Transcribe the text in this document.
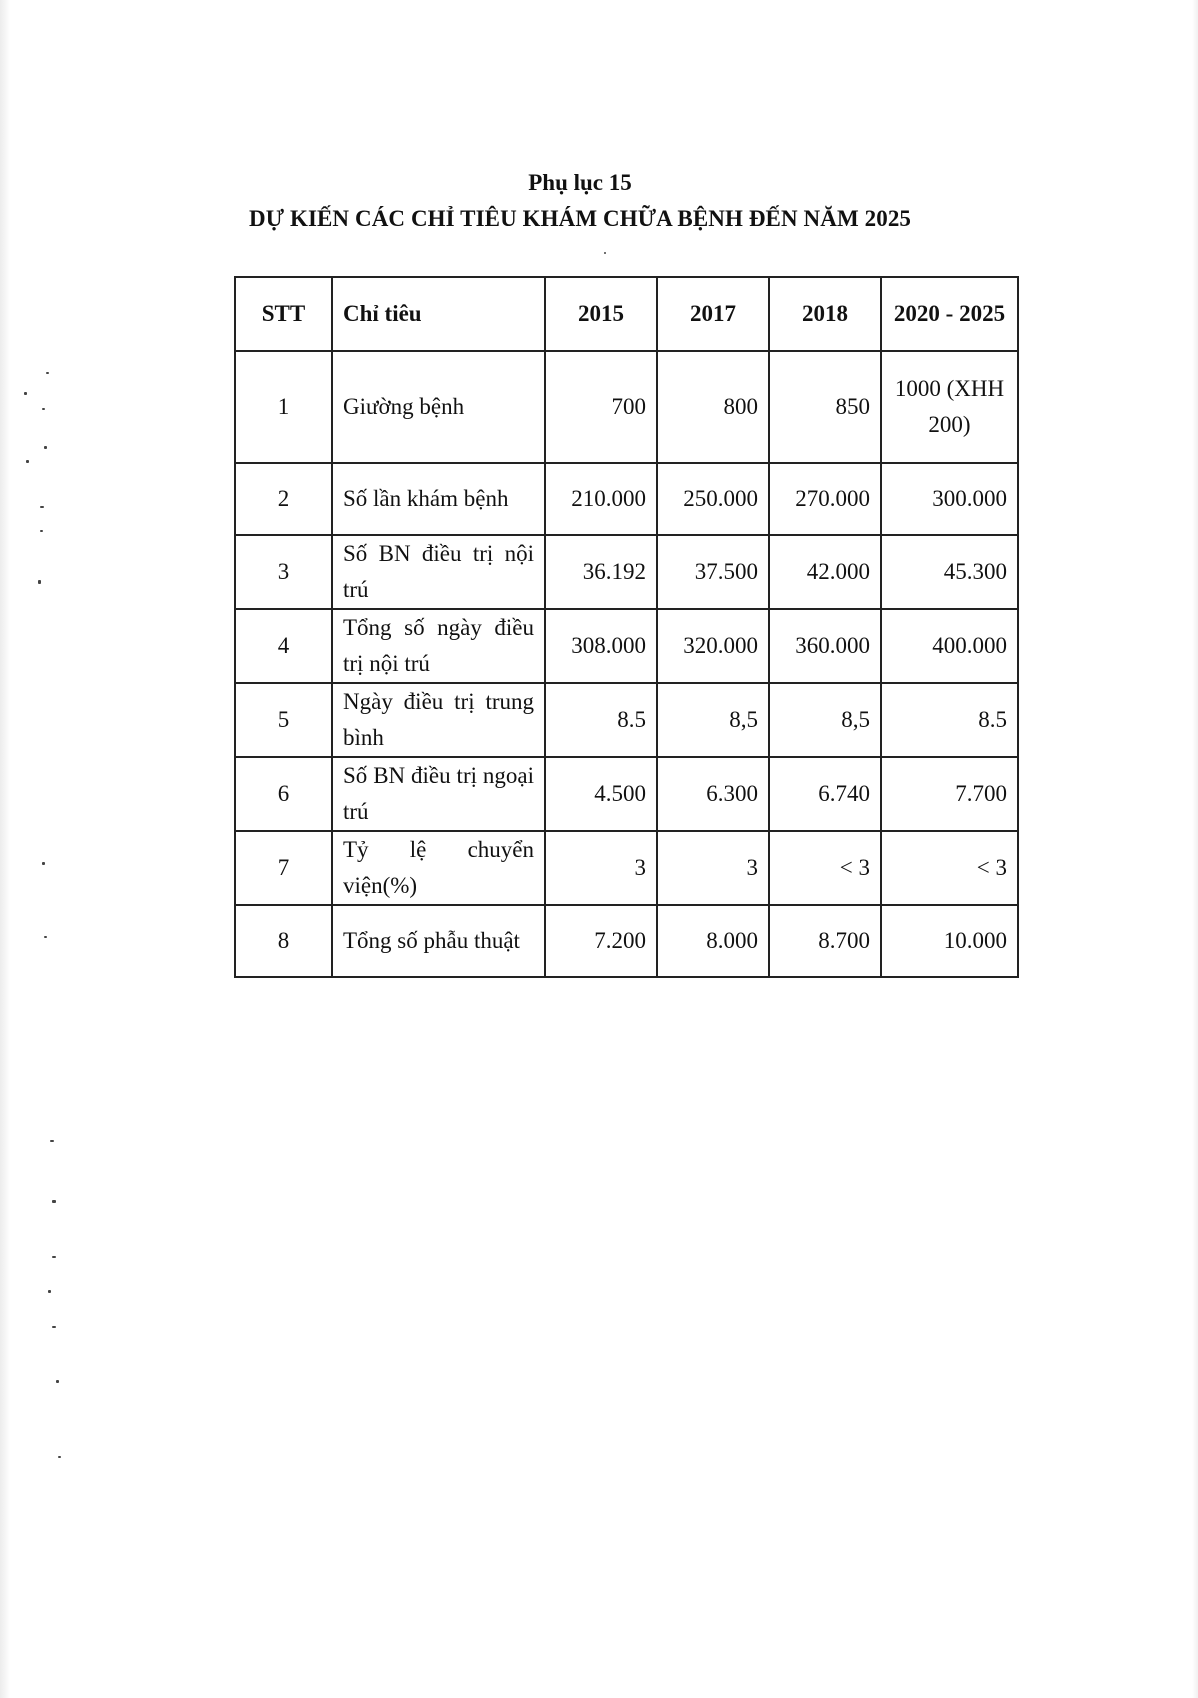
Phụ lục 15
DỰ KIẾN CÁC CHỈ TIÊU KHÁM CHỮA BỆNH ĐẾN NĂM 2025
STT	Chỉ tiêu	2015	2017	2018	2020 - 2025
1	Giường bệnh	700	800	850	1000 (XHH 200)
2	Số lần khám bệnh	210.000	250.000	270.000	300.000
3	Số BN điều trị nội trú	36.192	37.500	42.000	45.300
4	Tổng số ngày điều trị nội trú	308.000	320.000	360.000	400.000
5	Ngày điều trị trung bình	8.5	8,5	8,5	8.5
6	Số BN điều trị ngoại trú	4.500	6.300	6.740	7.700
7	Tỷ lệ chuyển viện(%)	3	3	< 3	< 3
8	Tổng số phẫu thuật	7.200	8.000	8.700	10.000
